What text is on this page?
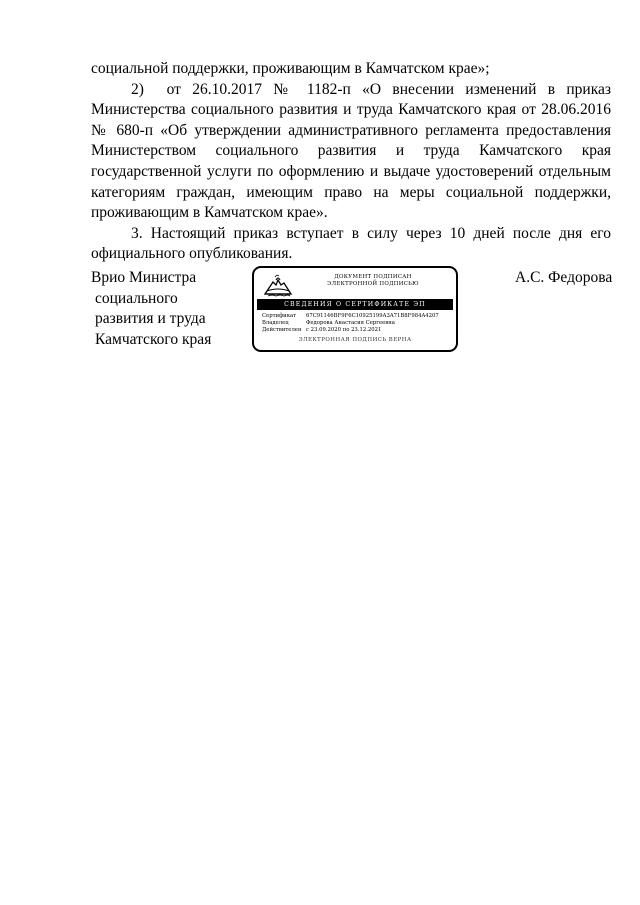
социальной поддержки, проживающим в Камчатском крае»;

2)  от 26.10.2017 № 1182-п «О внесении изменений в приказ Министерства социального развития и труда Камчатского края от 28.06.2016 № 680-п «Об утверждении административного регламента предоставления Министерством социального развития и труда Камчатского края государственной услуги по оформлению и выдаче удостоверений отдельным категориям граждан, имеющим право на меры социальной поддержки, проживающим в Камчатском крае».

3. Настоящий приказ вступает в силу через 10 дней после дня его официального опубликования.

Врио Министра
социального
развития и труда
Камчатского края
ДОКУМЕНТ ПОДПИСАН
ЭЛЕКТРОННОЙ ПОДПИСЬЮ
СВЕДЕНИЯ О СЕРТИФИКАТЕ ЭП
Сертификат	67C91146BF9F6C10925199A3A71B8F984A4207
Владелец	Федорова Анастасия Сергеевна
Действителен с 23.09.2020 по 23.12.2021
ЭЛЕКТРОННАЯ ПОДПИСЬ ВЕРНА
А.С. Федорова
